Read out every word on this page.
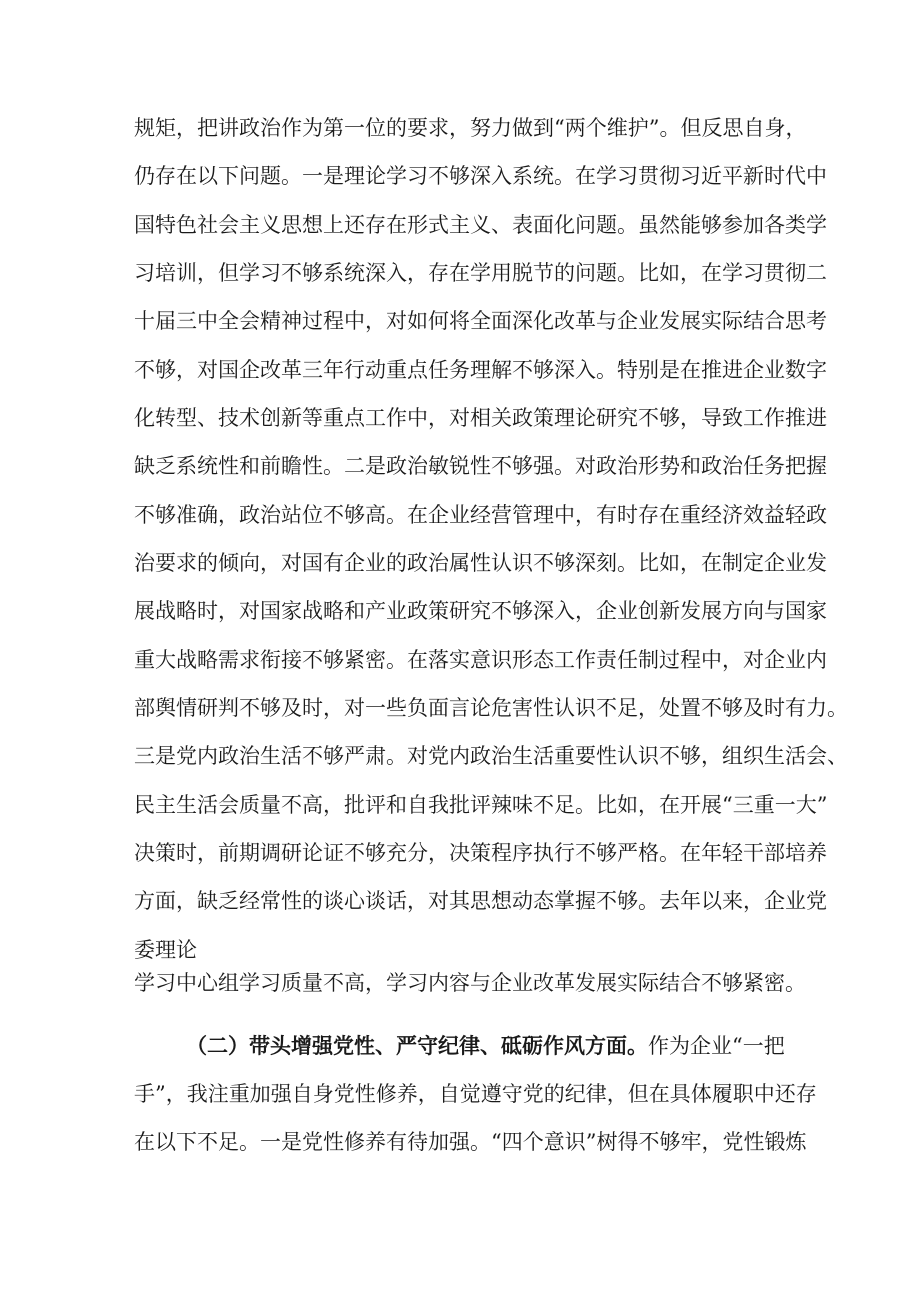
规矩，把讲政治作为第一位的要求，努力做到“两个维护”。但反思自身，
仍存在以下问题。一是理论学习不够深入系统。在学习贯彻习近平新时代中
国特色社会主义思想上还存在形式主义、表面化问题。虽然能够参加各类学
习培训，但学习不够系统深入，存在学用脱节的问题。比如，在学习贯彻二
十届三中全会精神过程中，对如何将全面深化改革与企业发展实际结合思考
不够，对国企改革三年行动重点任务理解不够深入。特别是在推进企业数字
化转型、技术创新等重点工作中，对相关政策理论研究不够，导致工作推进
缺乏系统性和前瞻性。二是政治敏锐性不够强。对政治形势和政治任务把握
不够准确，政治站位不够高。在企业经营管理中，有时存在重经济效益轻政
治要求的倾向，对国有企业的政治属性认识不够深刻。比如，在制定企业发
展战略时，对国家战略和产业政策研究不够深入，企业创新发展方向与国家
重大战略需求衔接不够紧密。在落实意识形态工作责任制过程中，对企业内
部舆情研判不够及时，对一些负面言论危害性认识不足，处置不够及时有力。
三是党内政治生活不够严肃。对党内政治生活重要性认识不够，组织生活会、
民主生活会质量不高，批评和自我批评辣味不足。比如，在开展“三重一大”
决策时，前期调研论证不够充分，决策程序执行不够严格。在年轻干部培养
方面，缺乏经常性的谈心谈话，对其思想动态掌握不够。去年以来，企业党
委理论
学习中心组学习质量不高，学习内容与企业改革发展实际结合不够紧密。
（二）带头增强党性、严守纪律、砥砺作风方面。作为企业“一把
手”，我注重加强自身党性修养，自觉遵守党的纪律，但在具体履职中还存
在以下不足。一是党性修养有待加强。“四个意识”树得不够牢，党性锻炼
